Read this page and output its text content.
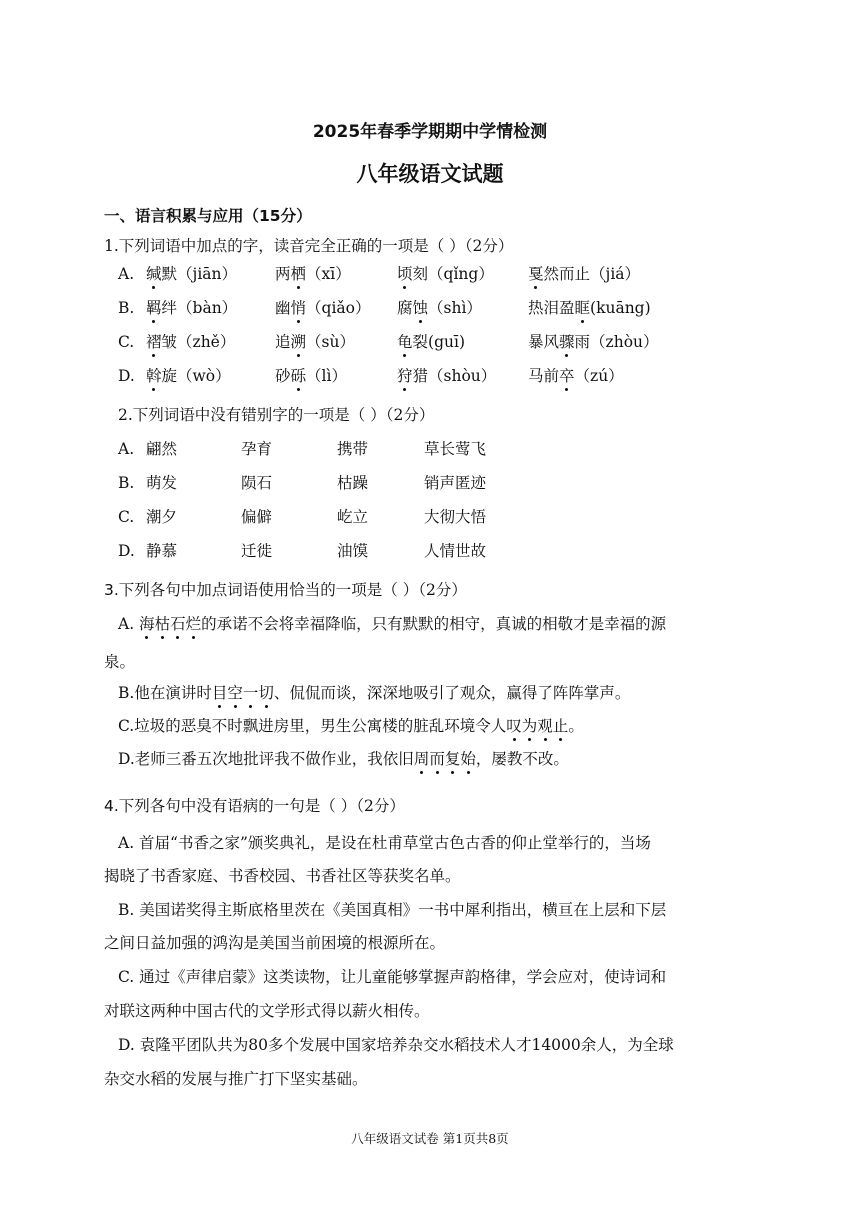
2025年春季学期期中学情检测
八年级语文试题
一、语言积累与应用（15分）
1.下列词语中加点的字，读音完全正确的一项是（ ）（2分）
A. 缄默（jiān） 两栖（xī）	顷刻（qǐng） 戛然而止（jiá）
B. 羁绊（bàn） 幽悄（qiǎo） 腐蚀（shì）	热泪盈眶(kuāng)
C. 褶皱（zhě）	追溯（sù）	龟裂(guī)	暴风骤雨（zhòu）
D. 斡旋（wò）	砂砾（lì）	狩猎（shòu） 马前卒（zú）
2.下列词语中没有错别字的一项是（ ）（2分）
A. 翩然	孕育	携带	草长莺飞
B. 萌发	陨石	枯躁	销声匿迹
C. 潮夕	偏僻	屹立	大彻大悟
D. 静慕	迁徙	油馍	人情世故
3.下列各句中加点词语使用恰当的一项是（ ）（2分）
A. 海枯石烂的承诺不会将幸福降临，只有默默的相守，真诚的相敬才是幸福的源
泉。
B.他在演讲时目空一切、侃侃而谈，深深地吸引了观众，赢得了阵阵掌声。
C.垃圾的恶臭不时飘进房里，男生公寓楼的脏乱环境令人叹为观止。
D.老师三番五次地批评我不做作业，我依旧周而复始，屡教不改。
4.下列各句中没有语病的一句是（ ）（2分）
A. 首届“书香之家”颁奖典礼，是设在杜甫草堂古色古香的仰止堂举行的，当场
揭晓了书香家庭、书香校园、书香社区等获奖名单。
B. 美国诺奖得主斯底格里茨在《美国真相》一书中犀利指出，横亘在上层和下层
之间日益加强的鸿沟是美国当前困境的根源所在。
C. 通过《声律启蒙》这类读物，让儿童能够掌握声韵格律，学会应对，使诗词和
对联这两种中国古代的文学形式得以薪火相传。
D. 袁隆平团队共为80多个发展中国家培养杂交水稻技术人才14000余人，为全球
杂交水稻的发展与推广打下坚实基础。
八年级语文试卷 第1页共8页
